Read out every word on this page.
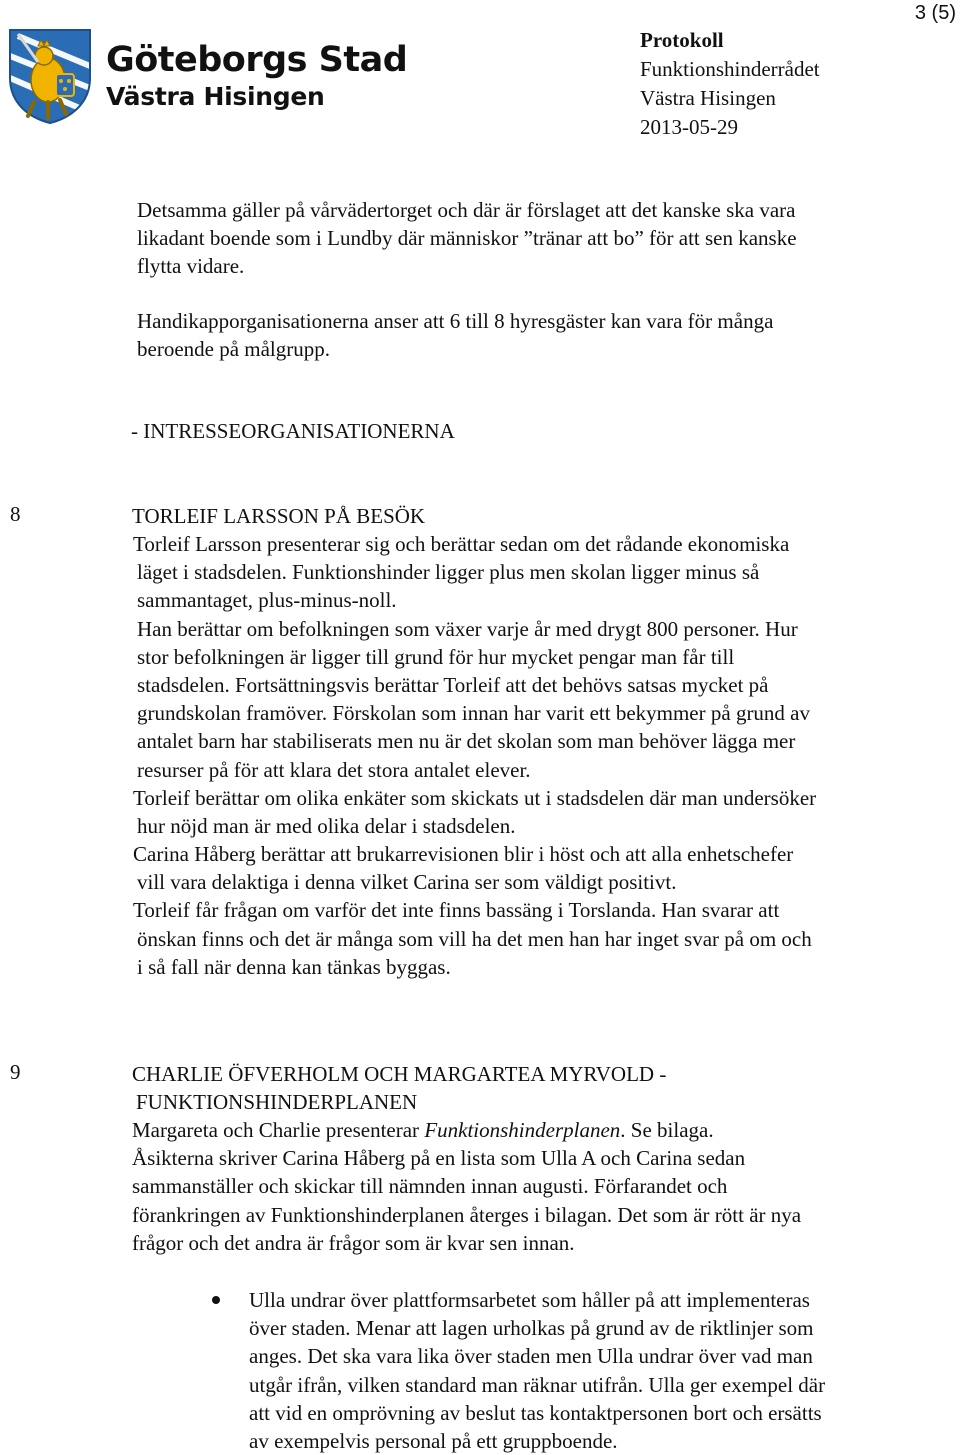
Göteborgs Stad
Västra Hisingen
3 (5)
Protokoll
Funktionshinderrådet
Västra Hisingen
2013-05-29
Detsamma gäller på vårvädertorget och där är förslaget att det kanske ska vara
likadant boende som i Lundby där människor ”tränar att bo” för att sen kanske
flytta vidare.
Handikapporganisationerna anser att 6 till 8 hyresgäster kan vara för många
beroende på målgrupp.
- INTRESSEORGANISATIONERNA
8	TORLEIF LARSSON PÅ BESÖK
Torleif Larsson presenterar sig och berättar sedan om det rådande ekonomiska
läget i stadsdelen. Funktionshinder ligger plus men skolan ligger minus så
sammantaget, plus-minus-noll.
Han berättar om befolkningen som växer varje år med drygt 800 personer. Hur
stor befolkningen är ligger till grund för hur mycket pengar man får till
stadsdelen. Fortsättningsvis berättar Torleif att det behövs satsas mycket på
grundskolan framöver. Förskolan som innan har varit ett bekymmer på grund av
antalet barn har stabiliserats men nu är det skolan som man behöver lägga mer
resurser på för att klara det stora antalet elever.
Torleif berättar om olika enkäter som skickats ut i stadsdelen där man undersöker
hur nöjd man är med olika delar i stadsdelen.
Carina Håberg berättar att brukarrevisionen blir i höst och att alla enhetschefer
vill vara delaktiga i denna vilket Carina ser som väldigt positivt.
Torleif får frågan om varför det inte finns bassäng i Torslanda. Han svarar att
önskan finns och det är många som vill ha det men han har inget svar på om och
i så fall när denna kan tänkas byggas.
9	CHARLIE ÖFVERHOLM OCH MARGARTEA MYRVOLD -
FUNKTIONSHINDERPLANEN
Margareta och Charlie presenterar Funktionshinderplanen. Se bilaga.
Åsikterna skriver Carina Håberg på en lista som Ulla A och Carina sedan
sammanställer och skickar till nämnden innan augusti. Förfarandet och
förankringen av Funktionshinderplanen återges i bilagan. Det som är rött är nya
frågor och det andra är frågor som är kvar sen innan.
Ulla undrar över plattformsarbetet som håller på att implementeras
över staden. Menar att lagen urholkas på grund av de riktlinjer som
anges. Det ska vara lika över staden men Ulla undrar över vad man
utgår ifrån, vilken standard man räknar utifrån. Ulla ger exempel där
att vid en omprövning av beslut tas kontaktpersonen bort och ersätts
av exempelvis personal på ett gruppboende.
